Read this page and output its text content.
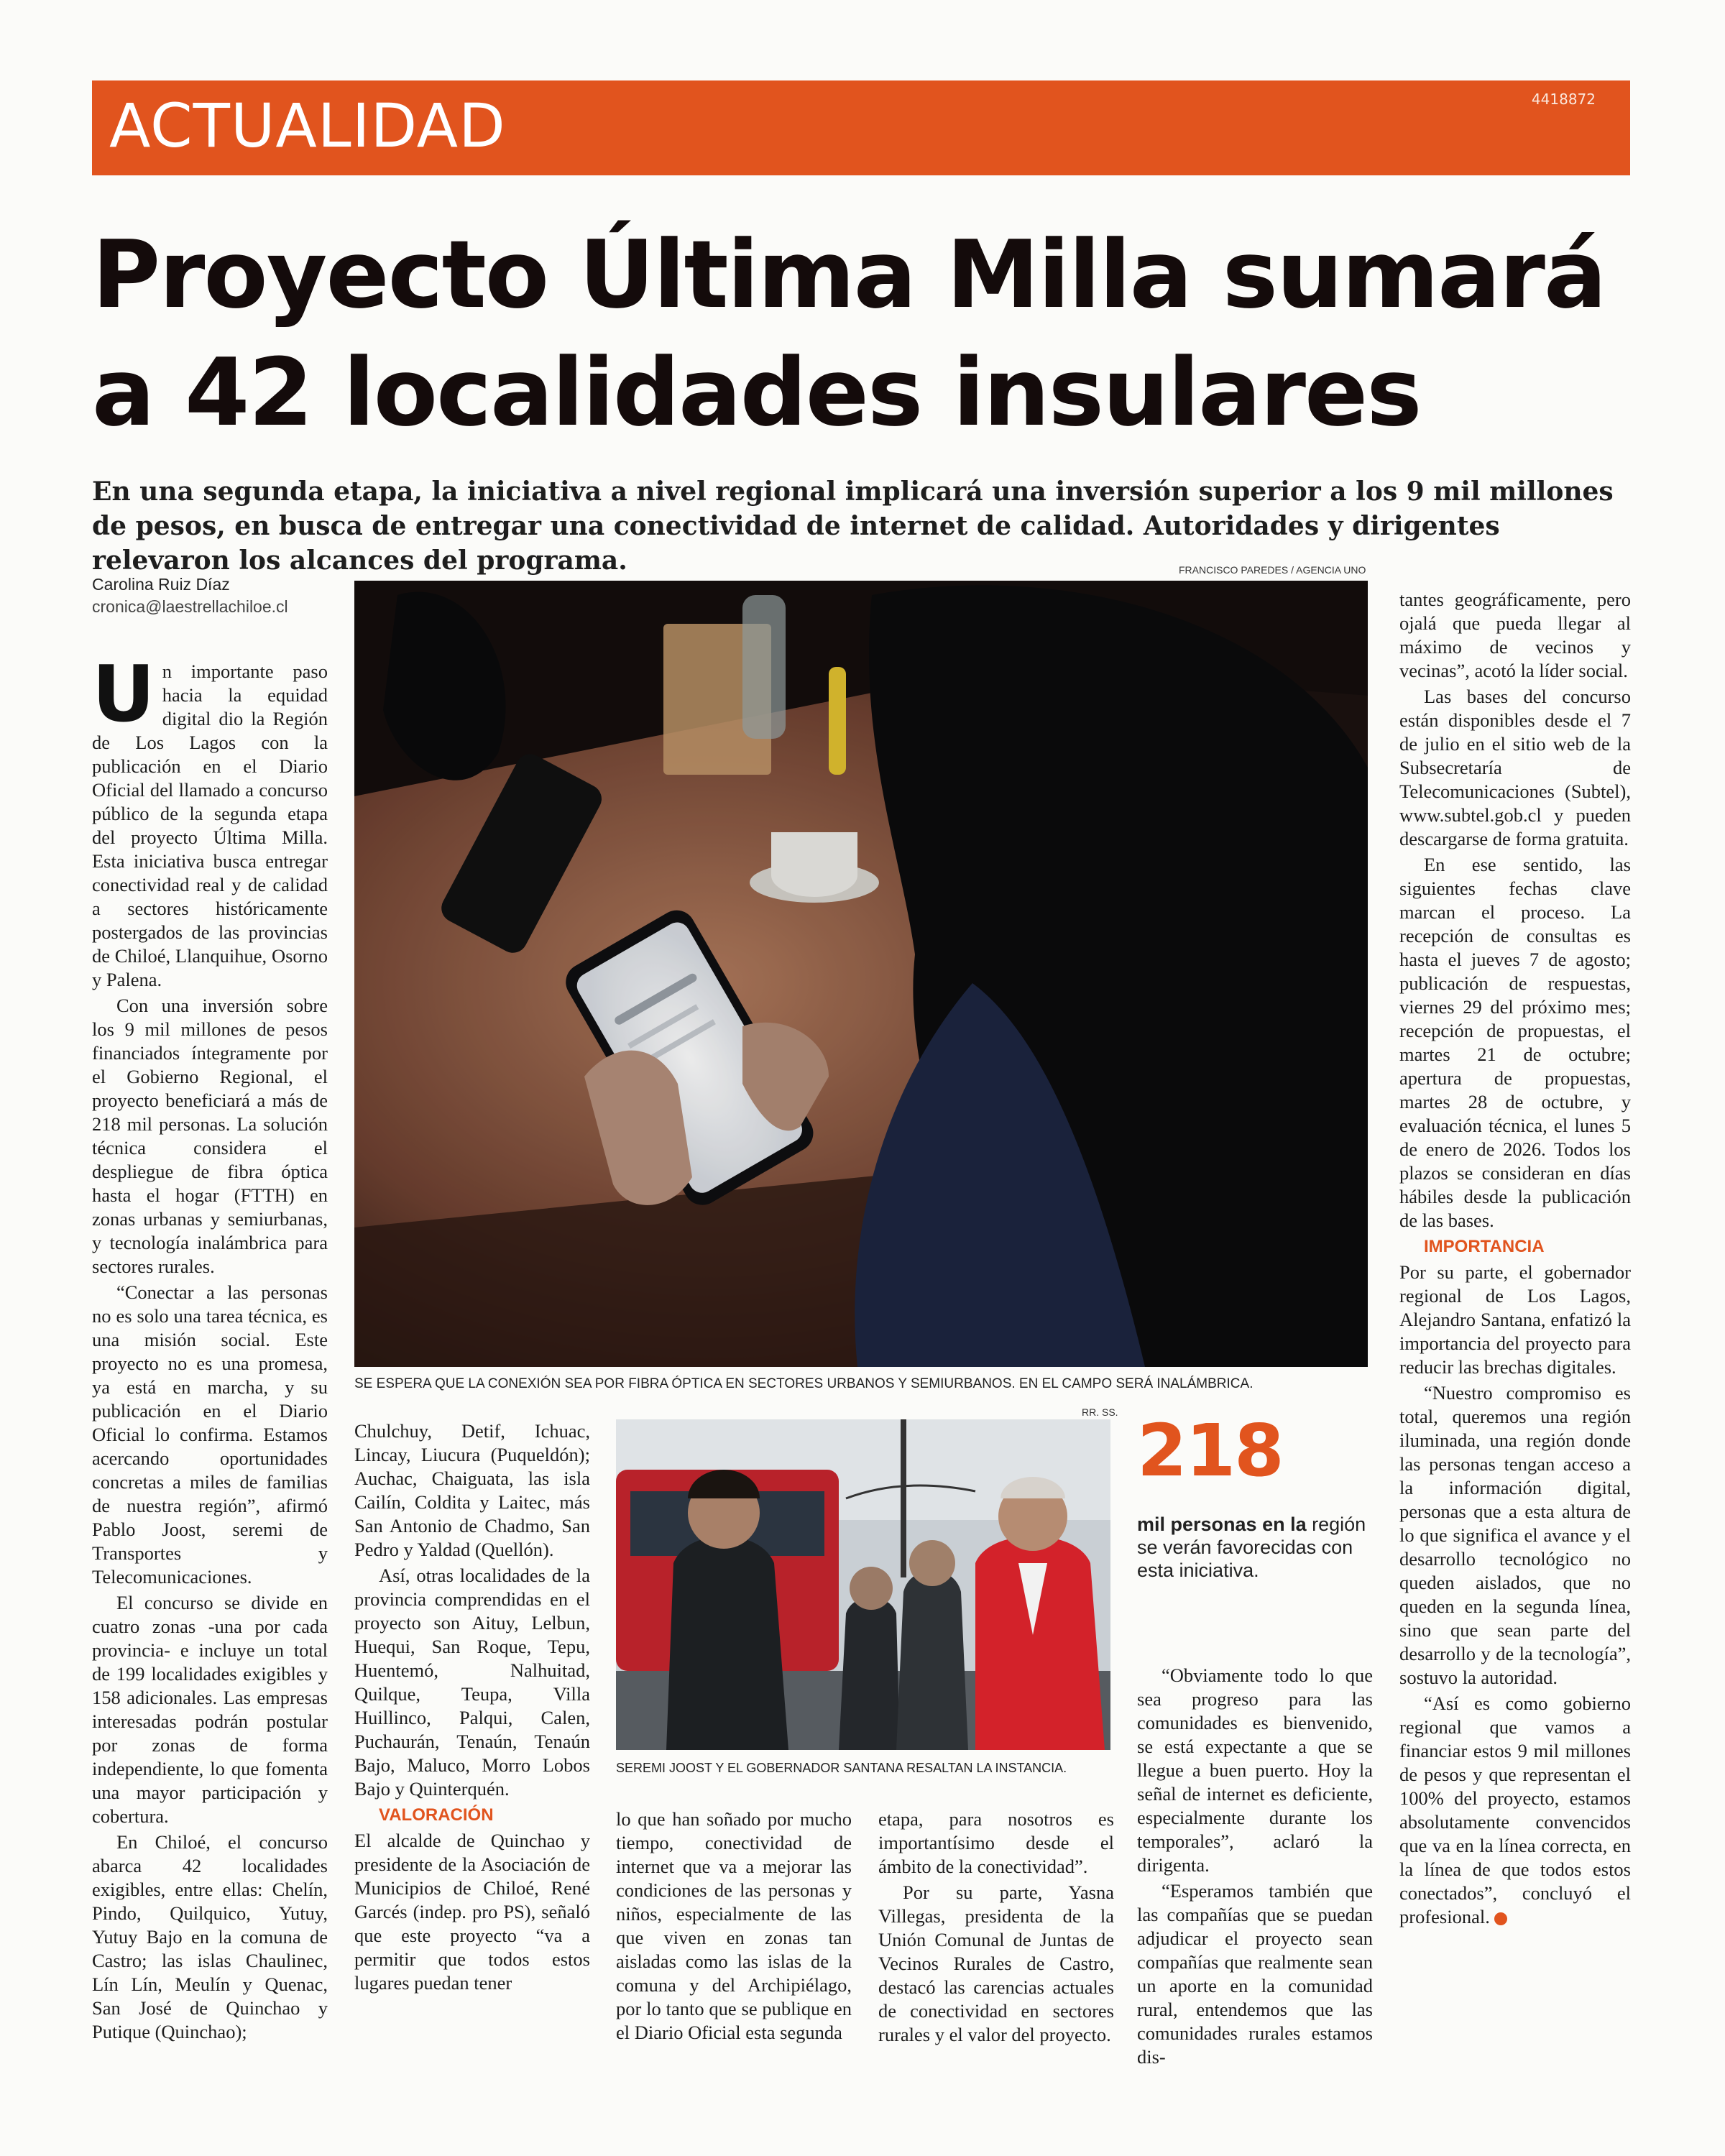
ACTUALIDAD	4418872
Proyecto Última Milla sumará a 42 localidades insulares
En una segunda etapa, la iniciativa a nivel regional implicará una inversión superior a los 9 mil millones de pesos, en busca de entregar una conectividad de internet de calidad. Autoridades y dirigentes relevaron los alcances del programa.
Carolina Ruiz Díaz
cronica@laestrellachiloe.cl
FRANCISCO PAREDES / AGENCIA UNO
SE ESPERA QUE LA CONEXIÓN SEA POR FIBRA ÓPTICA EN SECTORES URBANOS Y SEMIURBANOS. EN EL CAMPO SERÁ INALÁMBRICA.

Un importante paso hacia la equidad digital dio la Región de Los Lagos con la publicación en el Diario Oficial del llamado a concurso público de la segunda etapa del proyecto Última Milla. Esta iniciativa busca entregar conectividad real y de calidad a sectores históricamente postergados de las provincias de Chiloé, Llanquihue, Osorno y Palena.

Con una inversión sobre los 9 mil millones de pesos financiados íntegramente por el Gobierno Regional, el proyecto beneficiará a más de 218 mil personas. La solución técnica considera el despliegue de fibra óptica hasta el hogar (FTTH) en zonas urbanas y semiurbanas, y tecnología inalámbrica para sectores rurales.

“Conectar a las personas no es solo una tarea técnica, es una misión social. Este proyecto no es una promesa, ya está en marcha, y su publicación en el Diario Oficial lo confirma. Estamos acercando oportunidades concretas a miles de familias de nuestra región”, afirmó Pablo Joost, seremi de Transportes y Telecomunicaciones.

El concurso se divide en cuatro zonas -una por cada provincia- e incluye un total de 199 localidades exigibles y 158 adicionales. Las empresas interesadas podrán postular por zonas de forma independiente, lo que fomenta una mayor participación y cobertura.

En Chiloé, el concurso abarca 42 localidades exigibles, entre ellas: Chelín, Pindo, Quilquico, Yutuy, Yutuy Bajo en la comuna de Castro; las islas Chaulinec, Lín Lín, Meulín y Quenac, San José de Quinchao y Putique (Quinchao);

Chulchuy, Detif, Ichuac, Lincay, Liucura (Puqueldón); Auchac, Chaiguata, las isla Cailín, Coldita y Laitec, más San Antonio de Chadmo, San Pedro y Yaldad (Quellón).

Así, otras localidades de la provincia comprendidas en el proyecto son Aituy, Lelbun, Huequi, San Roque, Tepu, Huentemó, Nalhuitad, Quilque, Teupa, Villa Huillinco, Palqui, Calen, Puchaurán, Tenaún, Tenaún Bajo, Maluco, Morro Lobos Bajo y Quinterquén.

VALORACIÓN

El alcalde de Quinchao y presidente de la Asociación de Municipios de Chiloé, René Garcés (indep. pro PS), señaló que este proyecto “va a permitir que todos estos lugares puedan tener

RR. SS.
SEREMI JOOST Y EL GOBERNADOR SANTANA RESALTAN LA INSTANCIA.

lo que han soñado por mucho tiempo, conectividad de internet que va a mejorar las condiciones de las personas y niños, especialmente de las que viven en zonas tan aisladas como las islas de la comuna y del Archipiélago, por lo tanto que se publique en el Diario Oficial esta segunda

etapa, para nosotros es importantísimo desde el ámbito de la conectividad”.

Por su parte, Yasna Villegas, presidenta de la Unión Comunal de Juntas de Vecinos Rurales de Castro, destacó las carencias actuales de conectividad en sectores rurales y el valor del proyecto.

218
mil personas en la región se verán favorecidas con esta iniciativa.

“Obviamente todo lo que sea progreso para las comunidades es bienvenido, se está expectante a que se llegue a buen puerto. Hoy la señal de internet es deficiente, especialmente durante los temporales”, aclaró la dirigenta.

“Esperamos también que las compañías que se puedan adjudicar el proyecto sean compañías que realmente sean un aporte en la comunidad rural, entendemos que las comunidades rurales estamos dis-

tantes geográficamente, pero ojalá que pueda llegar al máximo de vecinos y vecinas”, acotó la líder social.

Las bases del concurso están disponibles desde el 7 de julio en el sitio web de la Subsecretaría de Telecomunicaciones (Subtel), www.subtel.gob.cl y pueden descargarse de forma gratuita.

En ese sentido, las siguientes fechas clave marcan el proceso. La recepción de consultas es hasta el jueves 7 de agosto; publicación de respuestas, viernes 29 del próximo mes; recepción de propuestas, el martes 21 de octubre; apertura de propuestas, martes 28 de octubre, y evaluación técnica, el lunes 5 de enero de 2026. Todos los plazos se consideran en días hábiles desde la publicación de las bases.

IMPORTANCIA

Por su parte, el gobernador regional de Los Lagos, Alejandro Santana, enfatizó la importancia del proyecto para reducir las brechas digitales.

“Nuestro compromiso es total, queremos una región iluminada, una región donde las personas tengan acceso a la información digital, personas que a esta altura de lo que significa el avance y el desarrollo tecnológico no queden aislados, que no queden en la segunda línea, sino que sean parte del desarrollo y de la tecnología”, sostuvo la autoridad.

“Así es como gobierno regional que vamos a financiar estos 9 mil millones de pesos y que representan el 100% del proyecto, estamos absolutamente convencidos que va en la línea correcta, en la línea de que todos estos conectados”, concluyó el profesional.
